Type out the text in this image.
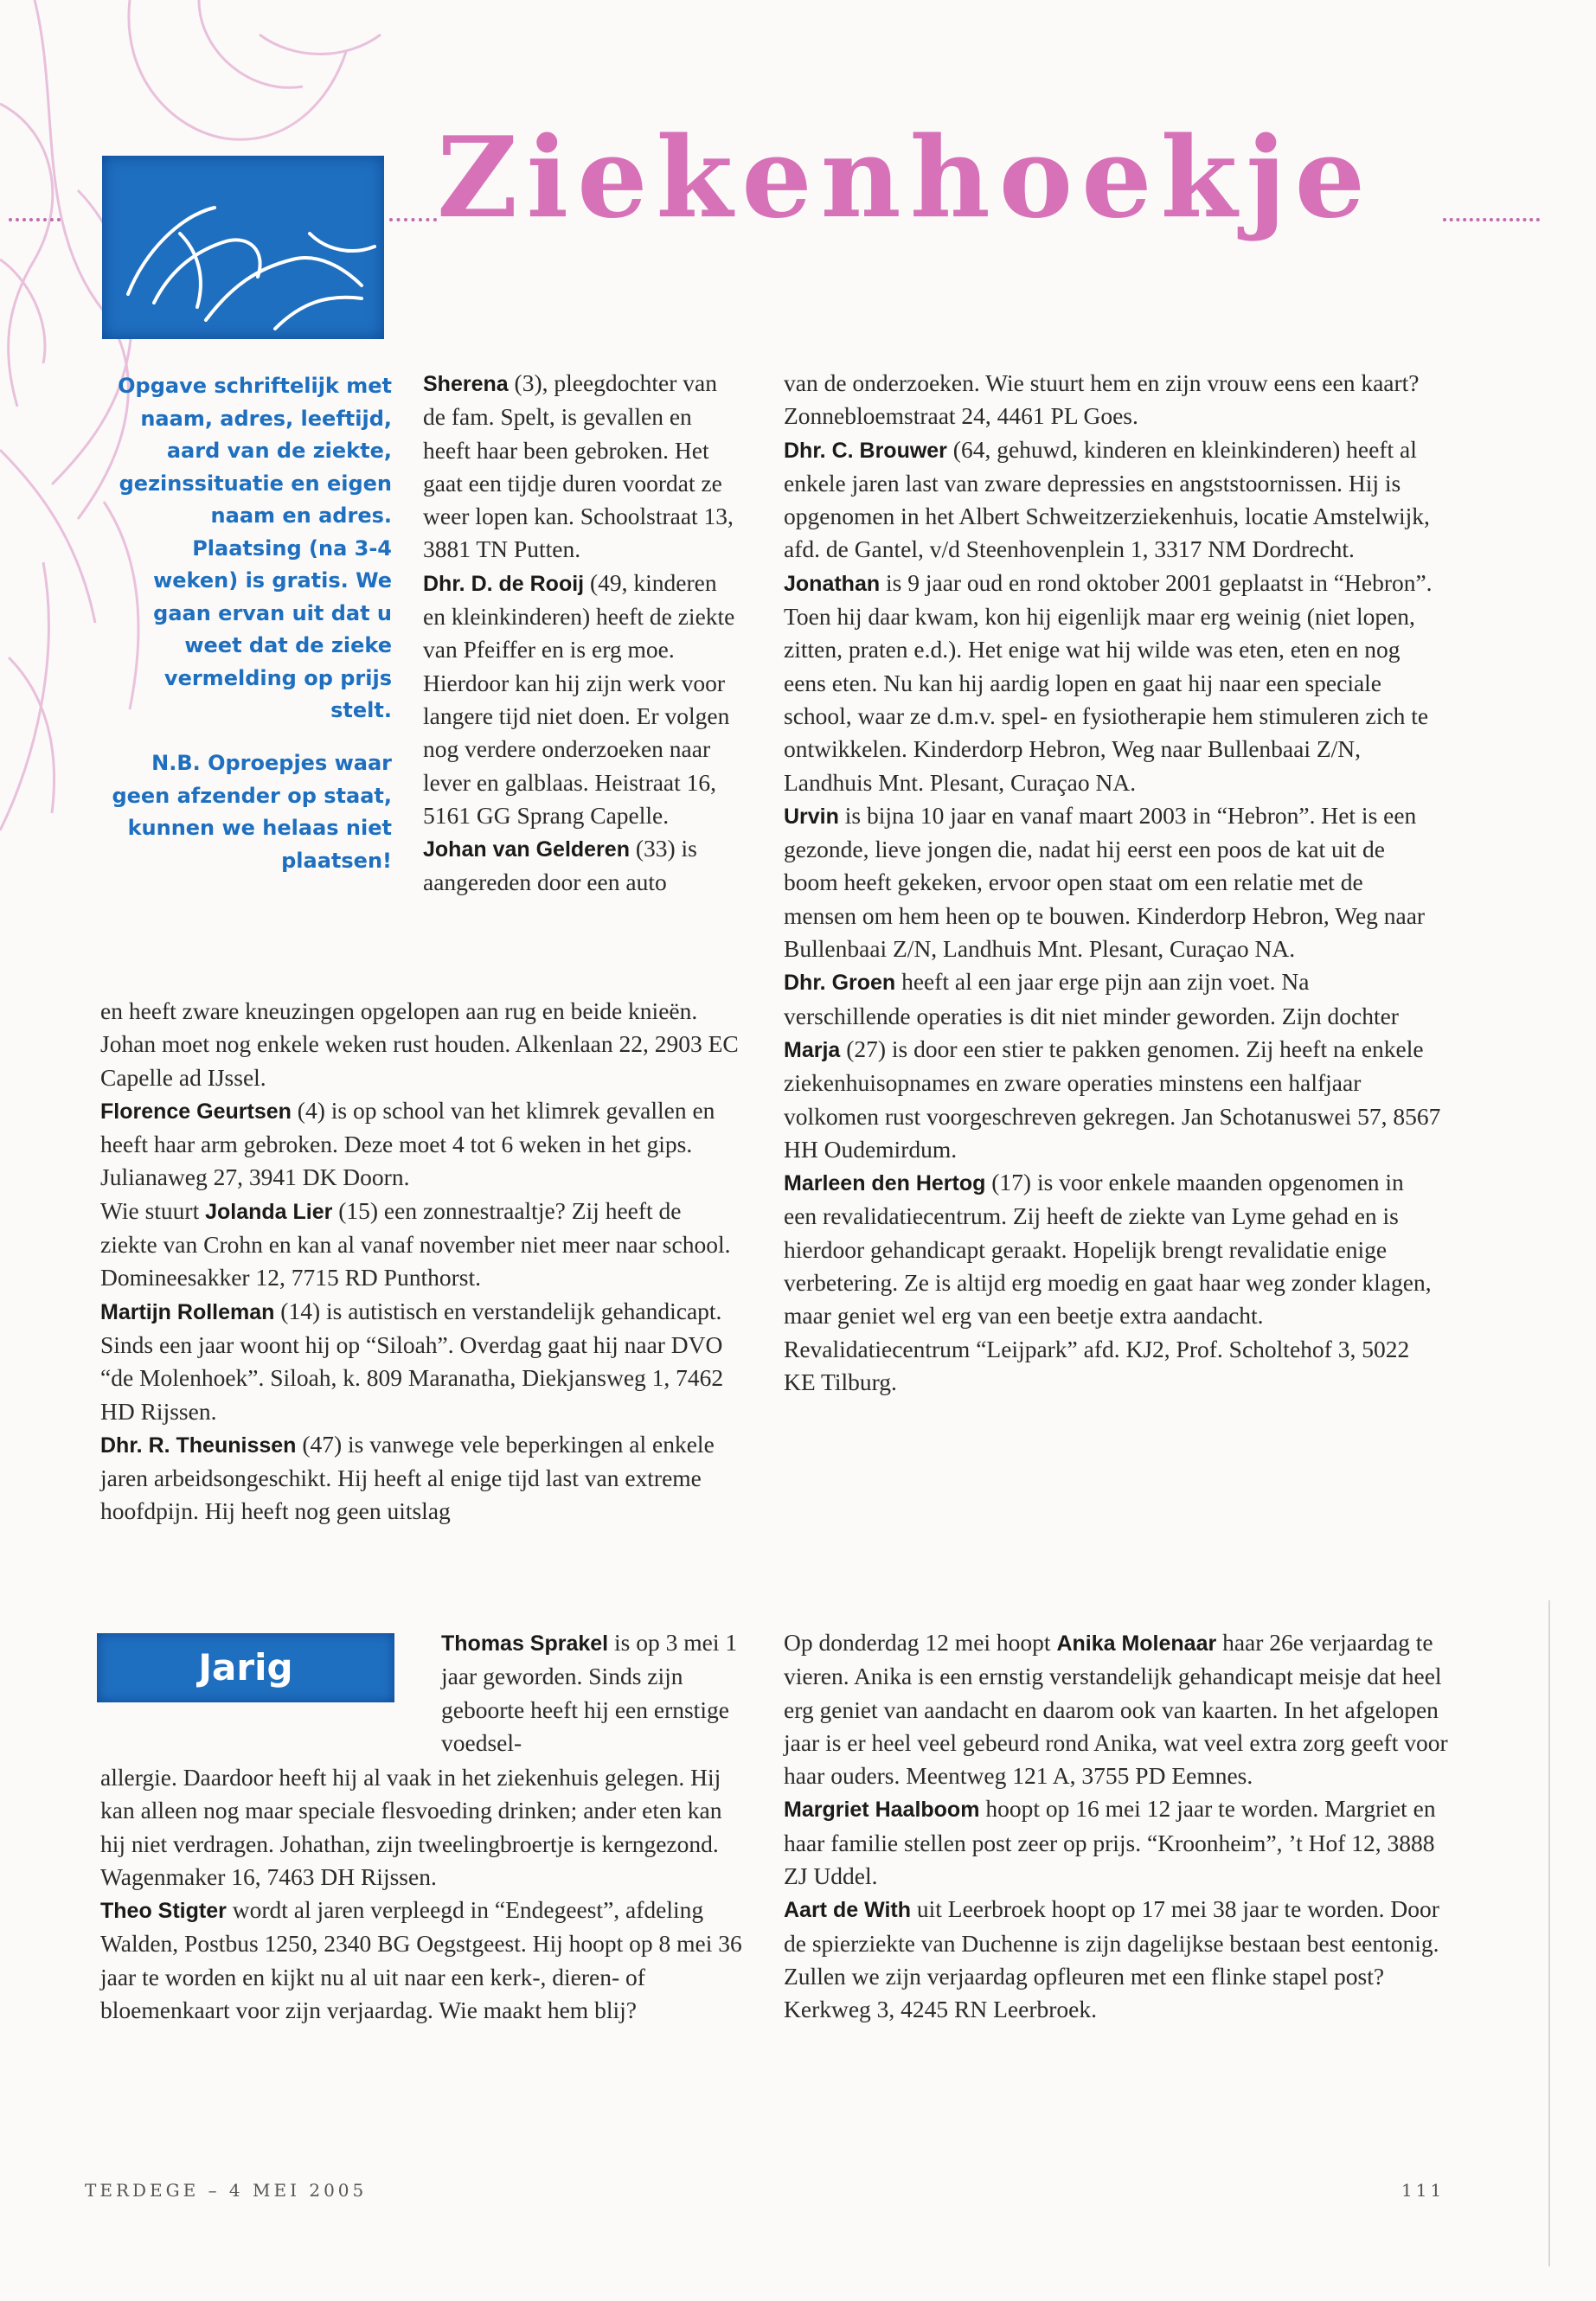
Ziekenhoekje
Opgave schriftelijk met naam, adres, leeftijd, aard van de ziekte, gezinssituatie en eigen naam en adres. Plaatsing (na 3-4 weken) is gratis. We gaan ervan uit dat u weet dat de zieke vermelding op prijs stelt.
N.B. Oproepjes waar geen afzender op staat, kunnen we helaas niet plaatsen!

Sherena (3), pleegdochter van de fam. Spelt, is gevallen en heeft haar been gebroken. Het gaat een tijdje duren voordat ze weer lopen kan. Schoolstraat 13, 3881 TN Putten.

Dhr. D. de Rooij (49, kinderen en kleinkinderen) heeft de ziekte van Pfeiffer en is erg moe. Hierdoor kan hij zijn werk voor langere tijd niet doen. Er volgen nog verdere onderzoeken naar lever en galblaas. Heistraat 16, 5161 GG Sprang Capelle.

Johan van Gelderen (33) is aangereden door een auto

en heeft zware kneuzingen opgelopen aan rug en beide knieën. Johan moet nog enkele weken rust houden. Alkenlaan 22, 2903 EC Capelle ad IJssel.

Florence Geurtsen (4) is op school van het klimrek gevallen en heeft haar arm gebroken. Deze moet 4 tot 6 weken in het gips. Julianaweg 27, 3941 DK Doorn.

Wie stuurt Jolanda Lier (15) een zonnestraaltje? Zij heeft de ziekte van Crohn en kan al vanaf november niet meer naar school. Domineesakker 12, 7715 RD Punthorst.

Martijn Rolleman (14) is autistisch en verstandelijk gehandicapt. Sinds een jaar woont hij op “Siloah”. Overdag gaat hij naar DVO “de Molenhoek”. Siloah, k. 809 Maranatha, Diekjansweg 1, 7462 HD Rijssen.

Dhr. R. Theunissen (47) is vanwege vele beperkingen al enkele jaren arbeidsongeschikt. Hij heeft al enige tijd last van extreme hoofdpijn. Hij heeft nog geen uitslag

van de onderzoeken. Wie stuurt hem en zijn vrouw eens een kaart? Zonnebloemstraat 24, 4461 PL Goes.

Dhr. C. Brouwer (64, gehuwd, kinderen en kleinkinderen) heeft al enkele jaren last van zware depressies en angststoornissen. Hij is opgenomen in het Albert Schweitzerziekenhuis, locatie Amstelwijk, afd. de Gantel, v/d Steenhovenplein 1, 3317 NM Dordrecht.

Jonathan is 9 jaar oud en rond oktober 2001 geplaatst in “Hebron”. Toen hij daar kwam, kon hij eigenlijk maar erg weinig (niet lopen, zitten, praten e.d.). Het enige wat hij wilde was eten, eten en nog eens eten. Nu kan hij aardig lopen en gaat hij naar een speciale school, waar ze d.m.v. spel- en fysiotherapie hem stimuleren zich te ontwikkelen. Kinderdorp Hebron, Weg naar Bullenbaai Z/N, Landhuis Mnt. Plesant, Curaçao NA.

Urvin is bijna 10 jaar en vanaf maart 2003 in “Hebron”. Het is een gezonde, lieve jongen die, nadat hij eerst een poos de kat uit de boom heeft gekeken, ervoor open staat om een relatie met de mensen om hem heen op te bouwen. Kinderdorp Hebron, Weg naar Bullenbaai Z/N, Landhuis Mnt. Plesant, Curaçao NA.

Dhr. Groen heeft al een jaar erge pijn aan zijn voet. Na verschillende operaties is dit niet minder geworden. Zijn dochter Marja (27) is door een stier te pakken genomen. Zij heeft na enkele ziekenhuisopnames en zware operaties minstens een halfjaar volkomen rust voorgeschreven gekregen. Jan Schotanuswei 57, 8567 HH Oudemirdum.

Marleen den Hertog (17) is voor enkele maanden opgenomen in een revalidatiecentrum. Zij heeft de ziekte van Lyme gehad en is hierdoor gehandicapt geraakt. Hopelijk brengt revalidatie enige verbetering. Ze is altijd erg moedig en gaat haar weg zonder klagen, maar geniet wel erg van een beetje extra aandacht. Revalidatiecentrum “Leijpark” afd. KJ2, Prof. Scholtehof 3, 5022 KE Tilburg.

Jarig

Thomas Sprakel is op 3 mei 1 jaar geworden. Sinds zijn geboorte heeft hij een ernstige voedsel-

allergie. Daardoor heeft hij al vaak in het ziekenhuis gelegen. Hij kan alleen nog maar speciale flesvoeding drinken; ander eten kan hij niet verdragen. Johathan, zijn tweelingbroertje is kerngezond. Wagenmaker 16, 7463 DH Rijssen.

Theo Stigter wordt al jaren verpleegd in “Endegeest”, afdeling Walden, Postbus 1250, 2340 BG Oegstgeest. Hij hoopt op 8 mei 36 jaar te worden en kijkt nu al uit naar een kerk-, dieren- of bloemenkaart voor zijn verjaardag. Wie maakt hem blij?

Op donderdag 12 mei hoopt Anika Molenaar haar 26e verjaardag te vieren. Anika is een ernstig verstandelijk gehandicapt meisje dat heel erg geniet van aandacht en daarom ook van kaarten. In het afgelopen jaar is er heel veel gebeurd rond Anika, wat veel extra zorg geeft voor haar ouders. Meentweg 121 A, 3755 PD Eemnes.

Margriet Haalboom hoopt op 16 mei 12 jaar te worden. Margriet en haar familie stellen post zeer op prijs. “Kroonheim”, ’t Hof 12, 3888 ZJ Uddel.

Aart de With uit Leerbroek hoopt op 17 mei 38 jaar te worden. Door de spierziekte van Duchenne is zijn dagelijkse bestaan best eentonig. Zullen we zijn verjaardag opfleuren met een flinke stapel post? Kerkweg 3, 4245 RN Leerbroek.

TERDEGE – 4 MEI 2005	111
